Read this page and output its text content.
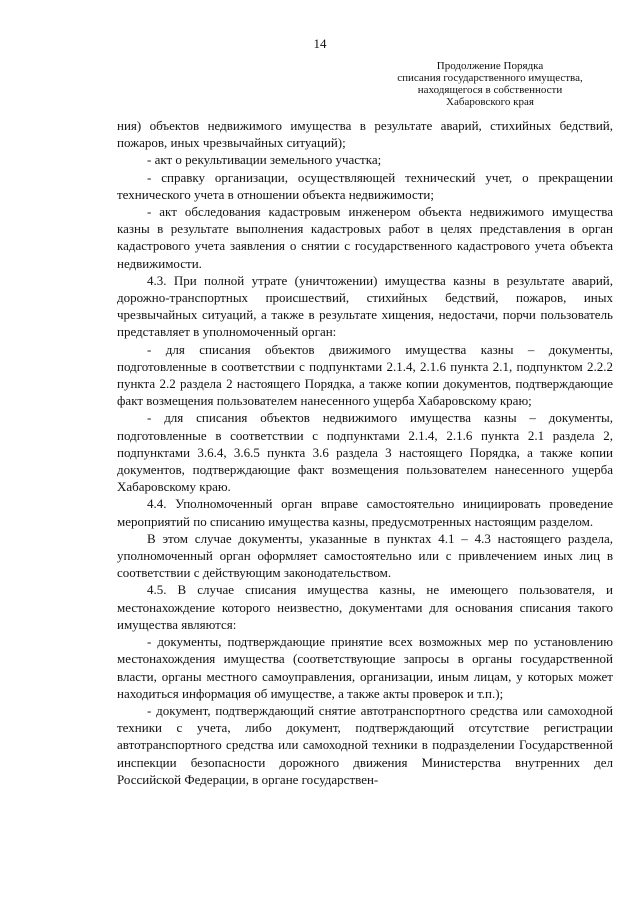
14
Продолжение Порядка
списания государственного имущества,
находящегося в собственности
Хабаровского края

ния) объектов недвижимого имущества в результате аварий, стихийных бедствий, пожаров, иных чрезвычайных ситуаций);

- акт о рекультивации земельного участка;

- справку организации, осуществляющей технический учет, о прекращении технического учета в отношении объекта недвижимости;

- акт обследования кадастровым инженером объекта недвижимого имущества казны в результате выполнения кадастровых работ в целях представления в орган кадастрового учета заявления о снятии с государственного кадастрового учета объекта недвижимости.

4.3. При полной утрате (уничтожении) имущества казны в результате аварий, дорожно-транспортных происшествий, стихийных бедствий, пожаров, иных чрезвычайных ситуаций, а также в результате хищения, недостачи, порчи пользователь представляет в уполномоченный орган:

- для списания объектов движимого имущества казны – документы, подготовленные в соответствии с подпунктами 2.1.4, 2.1.6 пункта 2.1, подпунктом 2.2.2 пункта 2.2 раздела 2 настоящего Порядка, а также копии документов, подтверждающие факт возмещения пользователем нанесенного ущерба Хабаровскому краю;

- для списания объектов недвижимого имущества казны – документы, подготовленные в соответствии с подпунктами 2.1.4, 2.1.6 пункта 2.1 раздела 2, подпунктами 3.6.4, 3.6.5 пункта 3.6 раздела 3 настоящего Порядка, а также копии документов, подтверждающие факт возмещения пользователем нанесенного ущерба Хабаровскому краю.

4.4. Уполномоченный орган вправе самостоятельно инициировать проведение мероприятий по списанию имущества казны, предусмотренных настоящим разделом.

В этом случае документы, указанные в пунктах 4.1 – 4.3 настоящего раздела, уполномоченный орган оформляет самостоятельно или с привлечением иных лиц в соответствии с действующим законодательством.

4.5. В случае списания имущества казны, не имеющего пользователя, и местонахождение которого неизвестно, документами для основания списания такого имущества являются:

- документы, подтверждающие принятие всех возможных мер по установлению местонахождения имущества (соответствующие запросы в органы государственной власти, органы местного самоуправления, организации, иным лицам, у которых может находиться информация об имуществе, а также акты проверок и т.п.);

- документ, подтверждающий снятие автотранспортного средства или самоходной техники с учета, либо документ, подтверждающий отсутствие регистрации автотранспортного средства или самоходной техники в подразделении Государственной инспекции безопасности дорожного движения Министерства внутренних дел Российской Федерации, в органе государствен-
